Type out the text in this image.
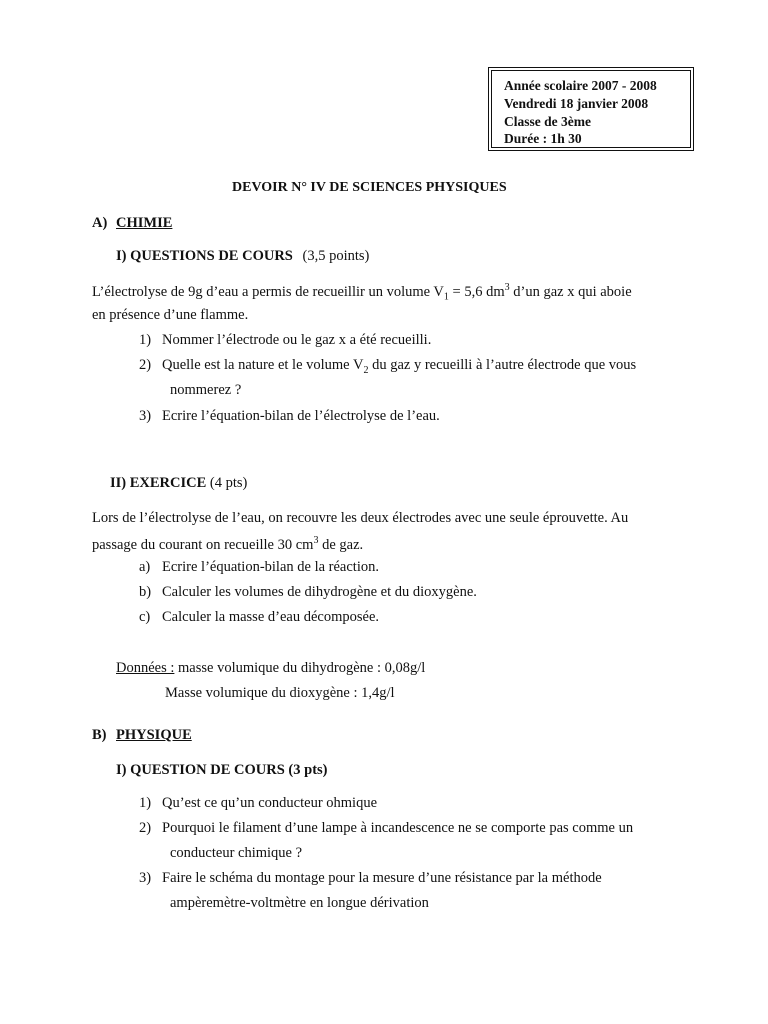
Année scolaire 2007 - 2008
Vendredi 18 janvier 2008
Classe de 3ème
Durée : 1h 30
DEVOIR N° IV DE SCIENCES PHYSIQUES
A) CHIMIE
I) QUESTIONS DE COURS (3,5 points)
L’électrolyse de 9g d’eau a permis de recueillir un volume $V_1 = 5,6$ $dm^3$ d’un gaz x qui aboie
en présence d’une flamme.
1) Nommer l’électrode ou le gaz x a été recueilli.
2) Quelle est la nature et le volume $V_2$ du gaz y recueilli à l’autre électrode que vous
nommerez ?
3) Ecrire l’équation-bilan de l’électrolyse de l’eau.
II) EXERCICE (4 pts)
Lors de l’électrolyse de l’eau, on recouvre les deux électrodes avec une seule éprouvette. Au
passage du courant on recueille 30 $cm^3$ de gaz.
a) Ecrire l’équation-bilan de la réaction.
b) Calculer les volumes de dihydrogène et du dioxygène.
c) Calculer la masse d’eau décomposée.
Données : masse volumique du dihydrogène : 0,08g/l
Masse volumique du dioxygène : 1,4g/l
B) PHYSIQUE
I) QUESTION DE COURS (3 pts)
1) Qu’est ce qu’un conducteur ohmique
2) Pourquoi le filament d’une lampe à incandescence ne se comporte pas comme un
conducteur chimique ?
3) Faire le schéma du montage pour la mesure d’une résistance par la méthode
ampèremètre-voltmètre en longue dérivation
